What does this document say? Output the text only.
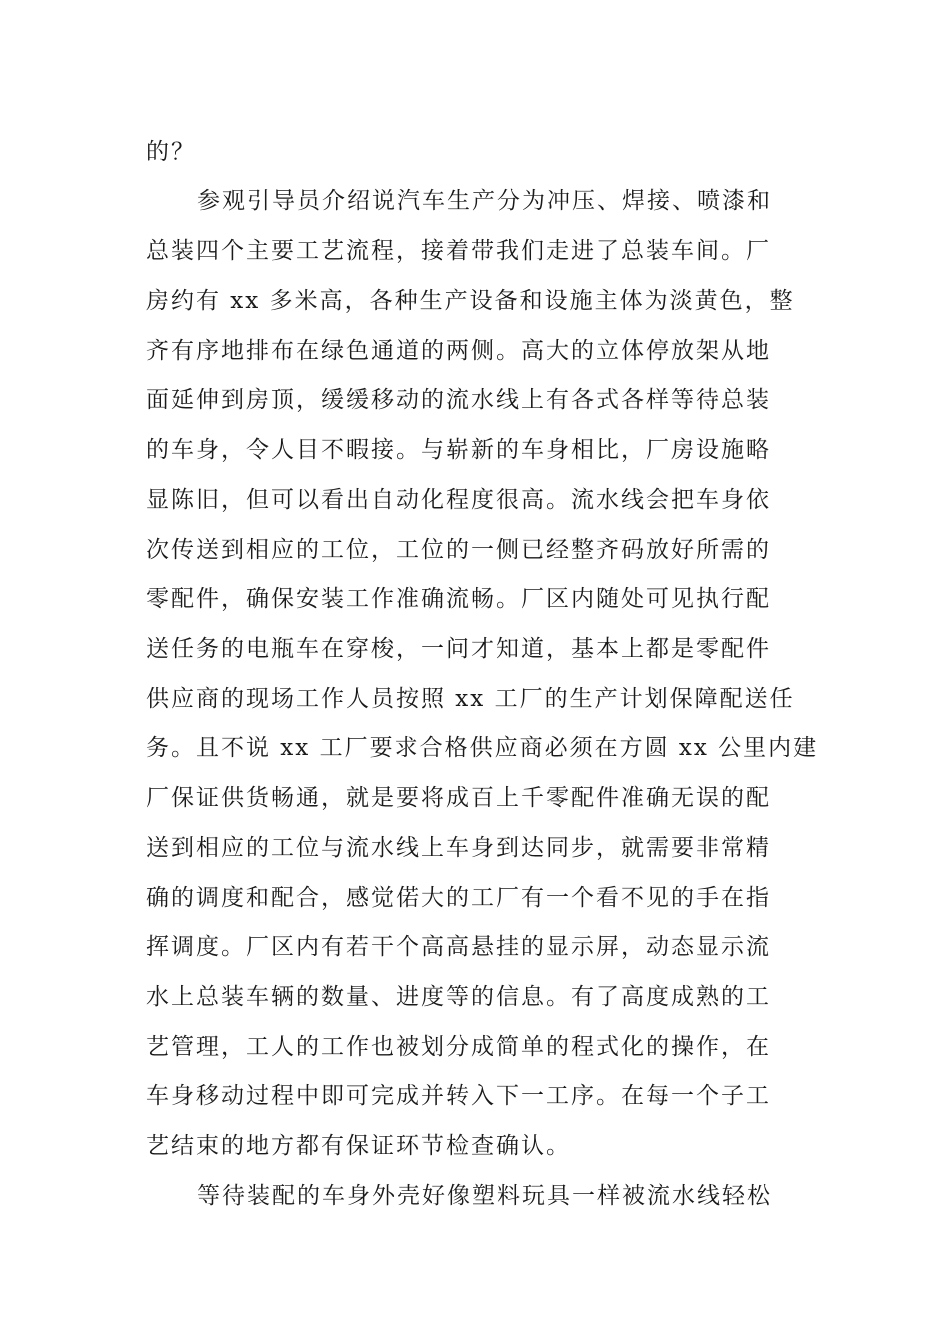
的？
参观引导员介绍说汽车生产分为冲压、焊接、喷漆和
总装四个主要工艺流程，接着带我们走进了总装车间。厂
房约有 xx 多米高，各种生产设备和设施主体为淡黄色，整
齐有序地排布在绿色通道的两侧。高大的立体停放架从地
面延伸到房顶，缓缓移动的流水线上有各式各样等待总装
的车身，令人目不暇接。与崭新的车身相比，厂房设施略
显陈旧，但可以看出自动化程度很高。流水线会把车身依
次传送到相应的工位，工位的一侧已经整齐码放好所需的
零配件，确保安装工作准确流畅。厂区内随处可见执行配
送任务的电瓶车在穿梭，一问才知道，基本上都是零配件
供应商的现场工作人员按照 xx 工厂的生产计划保障配送任
务。且不说 xx 工厂要求合格供应商必须在方圆 xx 公里内建
厂保证供货畅通，就是要将成百上千零配件准确无误的配
送到相应的工位与流水线上车身到达同步，就需要非常精
确的调度和配合，感觉偌大的工厂有一个看不见的手在指
挥调度。厂区内有若干个高高悬挂的显示屏，动态显示流
水上总装车辆的数量、进度等的信息。有了高度成熟的工
艺管理，工人的工作也被划分成简单的程式化的操作，在
车身移动过程中即可完成并转入下一工序。在每一个子工
艺结束的地方都有保证环节检查确认。
等待装配的车身外壳好像塑料玩具一样被流水线轻松
